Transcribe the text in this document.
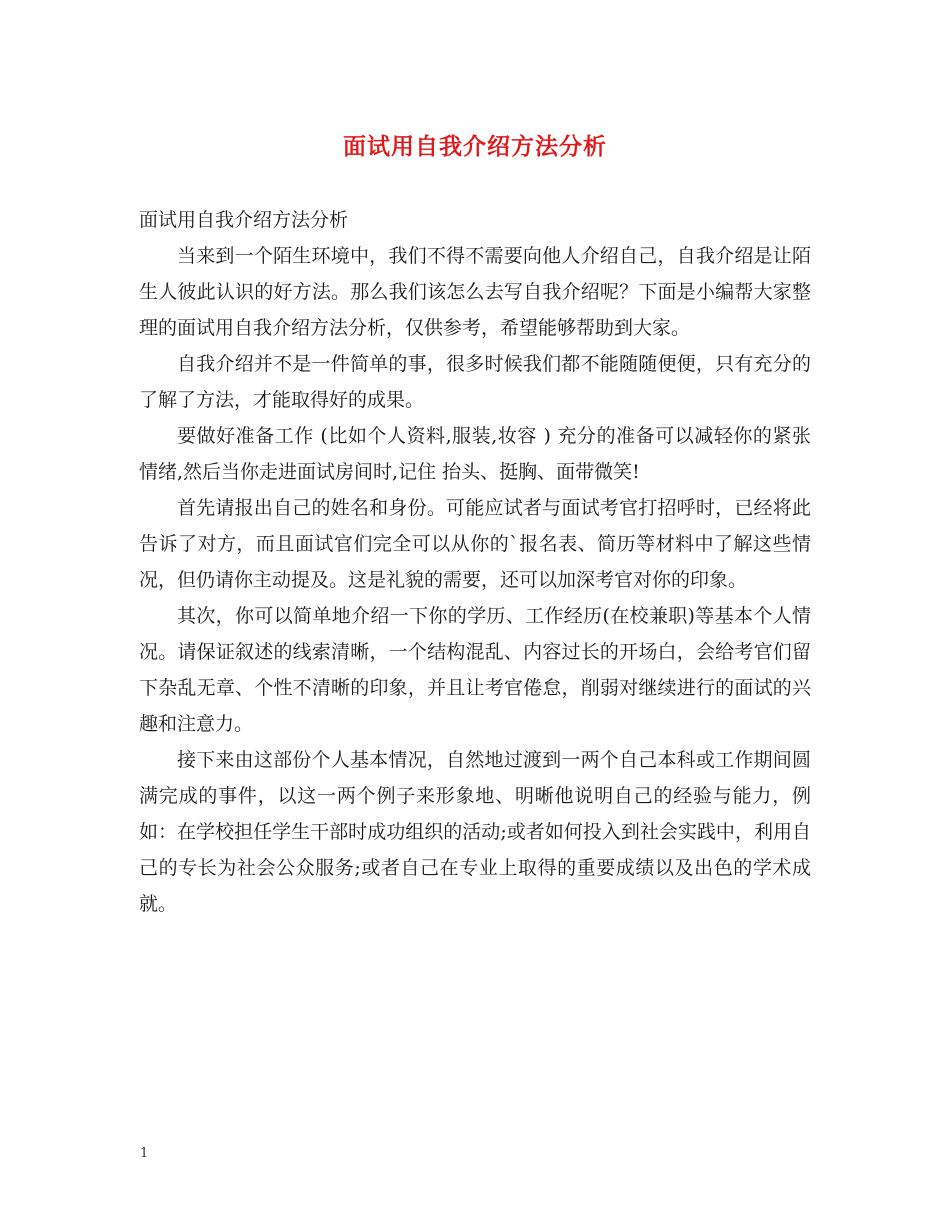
面试用自我介绍方法分析

面试用自我介绍方法分析

当来到一个陌生环境中，我们不得不需要向他人介绍自己，自我介绍是让陌生人彼此认识的好方法。那么我们该怎么去写自我介绍呢？下面是小编帮大家整理的面试用自我介绍方法分析，仅供参考，希望能够帮助到大家。

自我介绍并不是一件简单的事，很多时候我们都不能随随便便，只有充分的了解了方法，才能取得好的成果。

要做好准备工作 (比如个人资料,服装,妆容 ) 充分的准备可以减轻你的紧张情绪,然后当你走进面试房间时,记住 抬头、挺胸、面带微笑!

首先请报出自己的姓名和身份。可能应试者与面试考官打招呼时，已经将此告诉了对方，而且面试官们完全可以从你的`报名表、简历等材料中了解这些情况，但仍请你主动提及。这是礼貌的需要，还可以加深考官对你的印象。

其次，你可以简单地介绍一下你的学历、工作经历(在校兼职)等基本个人情况。请保证叙述的线索清晰，一个结构混乱、内容过长的开场白，会给考官们留下杂乱无章、个性不清晰的印象，并且让考官倦怠，削弱对继续进行的面试的兴趣和注意力。

接下来由这部份个人基本情况，自然地过渡到一两个自己本科或工作期间圆满完成的事件，以这一两个例子来形象地、明晰他说明自己的经验与能力，例如：在学校担任学生干部时成功组织的活动;或者如何投入到社会实践中，利用自己的专长为社会公众服务;或者自己在专业上取得的重要成绩以及出色的学术成就。

1
